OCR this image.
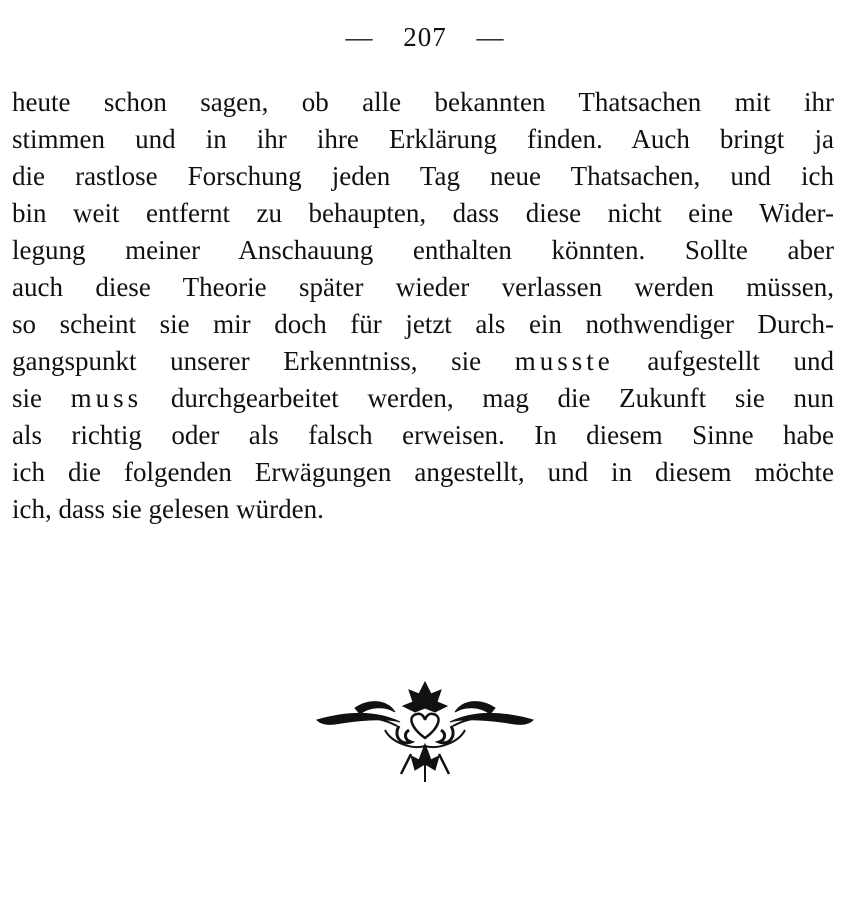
— 207 —
heute schon sagen, ob alle bekannten Thatsachen mit ihr
stimmen und in ihr ihre Erklärung finden. Auch bringt ja
die rastlose Forschung jeden Tag neue Thatsachen, und ich
bin weit entfernt zu behaupten, dass diese nicht eine Wider-
legung meiner Anschauung enthalten könnten. Sollte aber
auch diese Theorie später wieder verlassen werden müssen,
so scheint sie mir doch für jetzt als ein nothwendiger Durch-
gangspunkt unserer Erkenntniss, sie musste aufgestellt und
sie muss durchgearbeitet werden, mag die Zukunft sie nun
als richtig oder als falsch erweisen. In diesem Sinne habe
ich die folgenden Erwägungen angestellt, und in diesem möchte
ich, dass sie gelesen würden.
